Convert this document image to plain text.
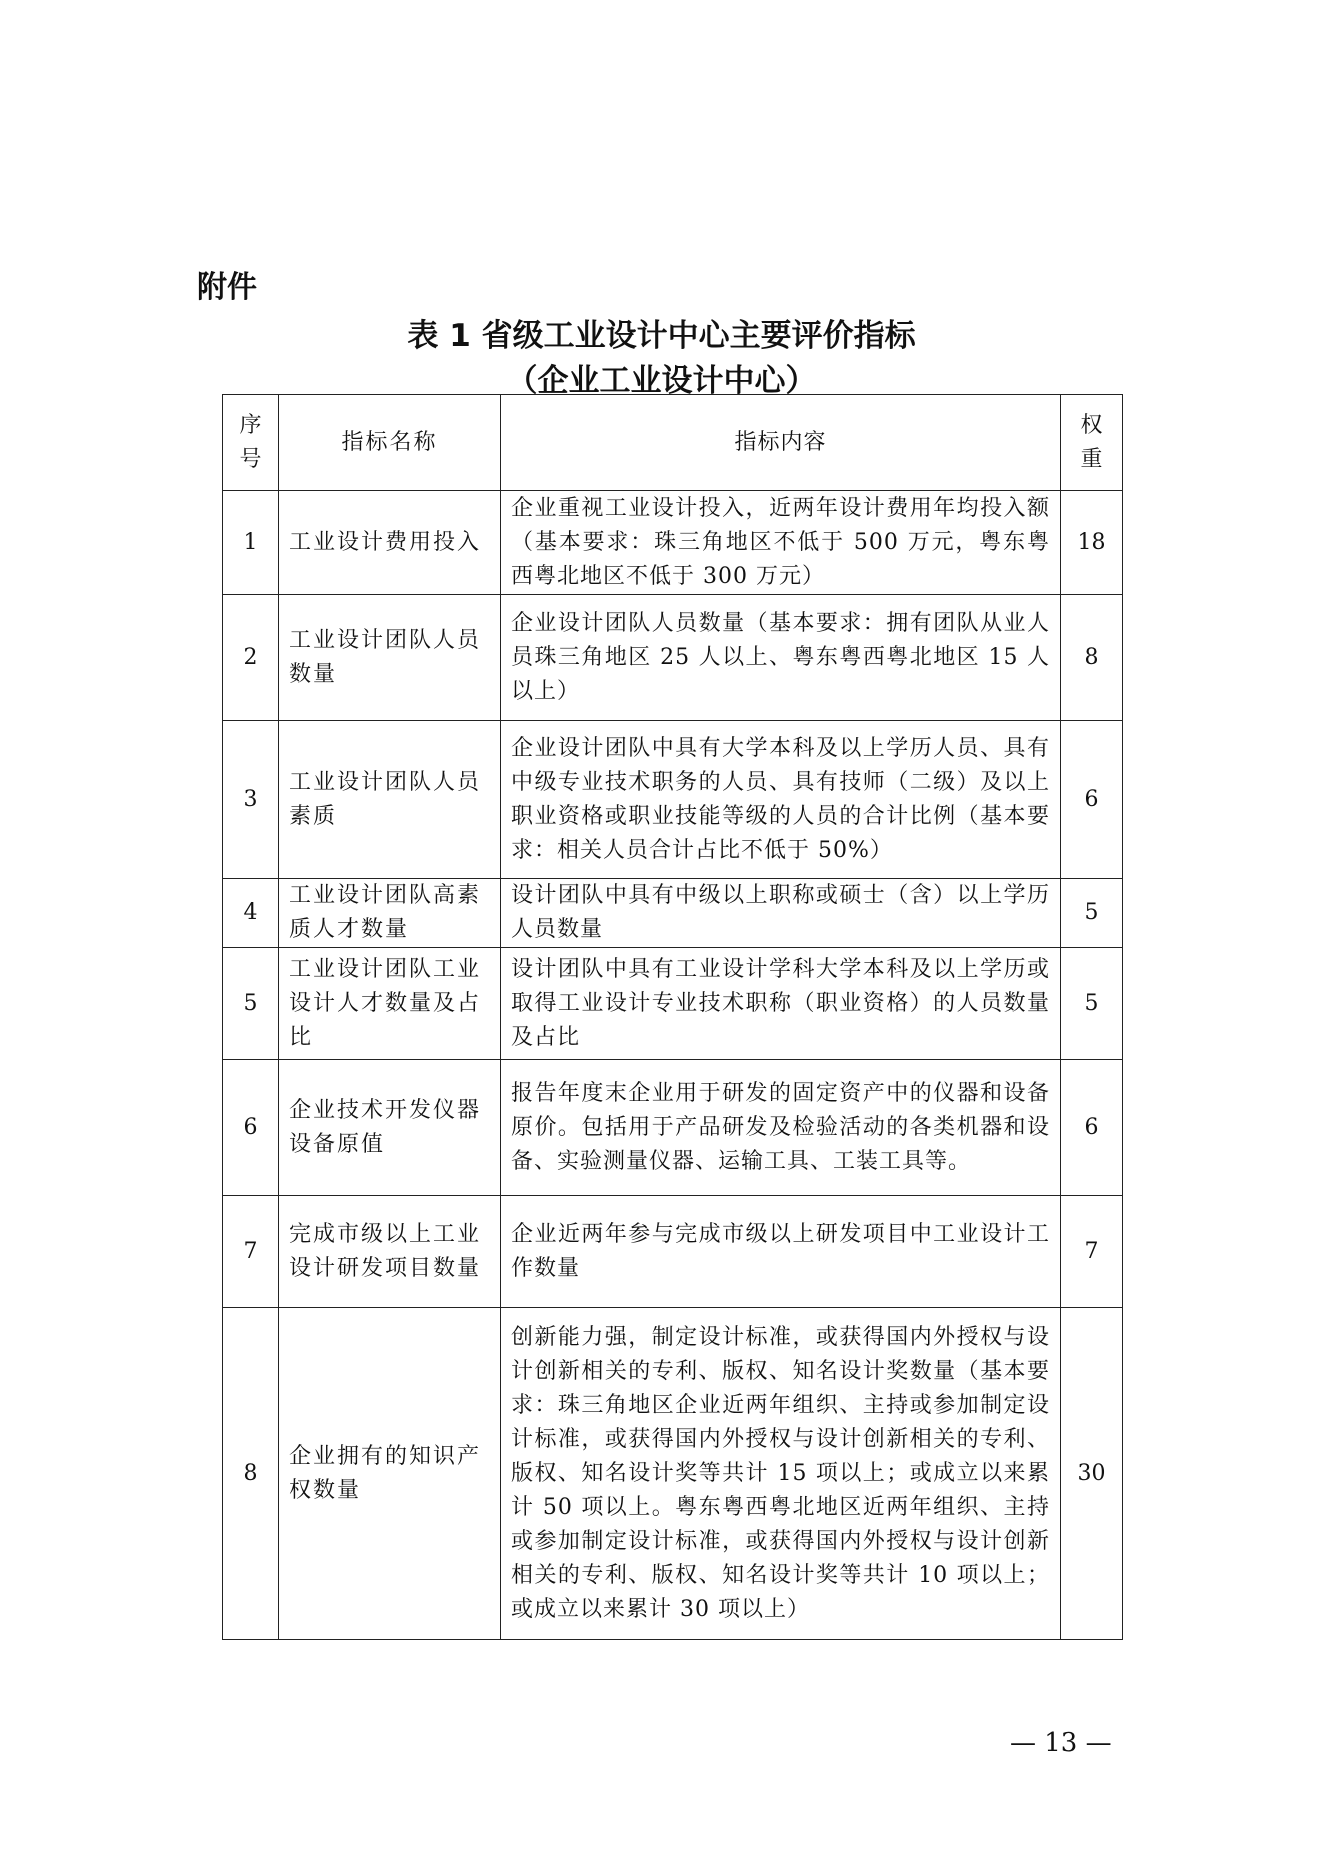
附件
表 1 省级工业设计中心主要评价指标
（企业工业设计中心）
序号	指标名称	指标内容	权重
1	工业设计费用投入	企业重视工业设计投入，近两年设计费用年均投入额（基本要求：珠三角地区不低于 500 万元，粤东粤西粤北地区不低于 300 万元）	18
2	工业设计团队人员数量	企业设计团队人员数量（基本要求：拥有团队从业人员珠三角地区 25 人以上、粤东粤西粤北地区 15 人以上）	8
3	工业设计团队人员素质	企业设计团队中具有大学本科及以上学历人员、具有中级专业技术职务的人员、具有技师（二级）及以上职业资格或职业技能等级的人员的合计比例（基本要求：相关人员合计占比不低于 50%）	6
4	工业设计团队高素质人才数量	设计团队中具有中级以上职称或硕士（含）以上学历人员数量	5
5	工业设计团队工业设计人才数量及占比	设计团队中具有工业设计学科大学本科及以上学历或取得工业设计专业技术职称（职业资格）的人员数量及占比	5
6	企业技术开发仪器设备原值	报告年度末企业用于研发的固定资产中的仪器和设备原价。包括用于产品研发及检验活动的各类机器和设备、实验测量仪器、运输工具、工装工具等。	6
7	完成市级以上工业设计研发项目数量	企业近两年参与完成市级以上研发项目中工业设计工作数量	7
8	企业拥有的知识产权数量	创新能力强，制定设计标准，或获得国内外授权与设计创新相关的专利、版权、知名设计奖数量（基本要求：珠三角地区企业近两年组织、主持或参加制定设计标准，或获得国内外授权与设计创新相关的专利、版权、知名设计奖等共计 15 项以上；或成立以来累计 50 项以上。粤东粤西粤北地区近两年组织、主持或参加制定设计标准，或获得国内外授权与设计创新相关的专利、版权、知名设计奖等共计 10 项以上；或成立以来累计 30 项以上）	30
— 13 —
